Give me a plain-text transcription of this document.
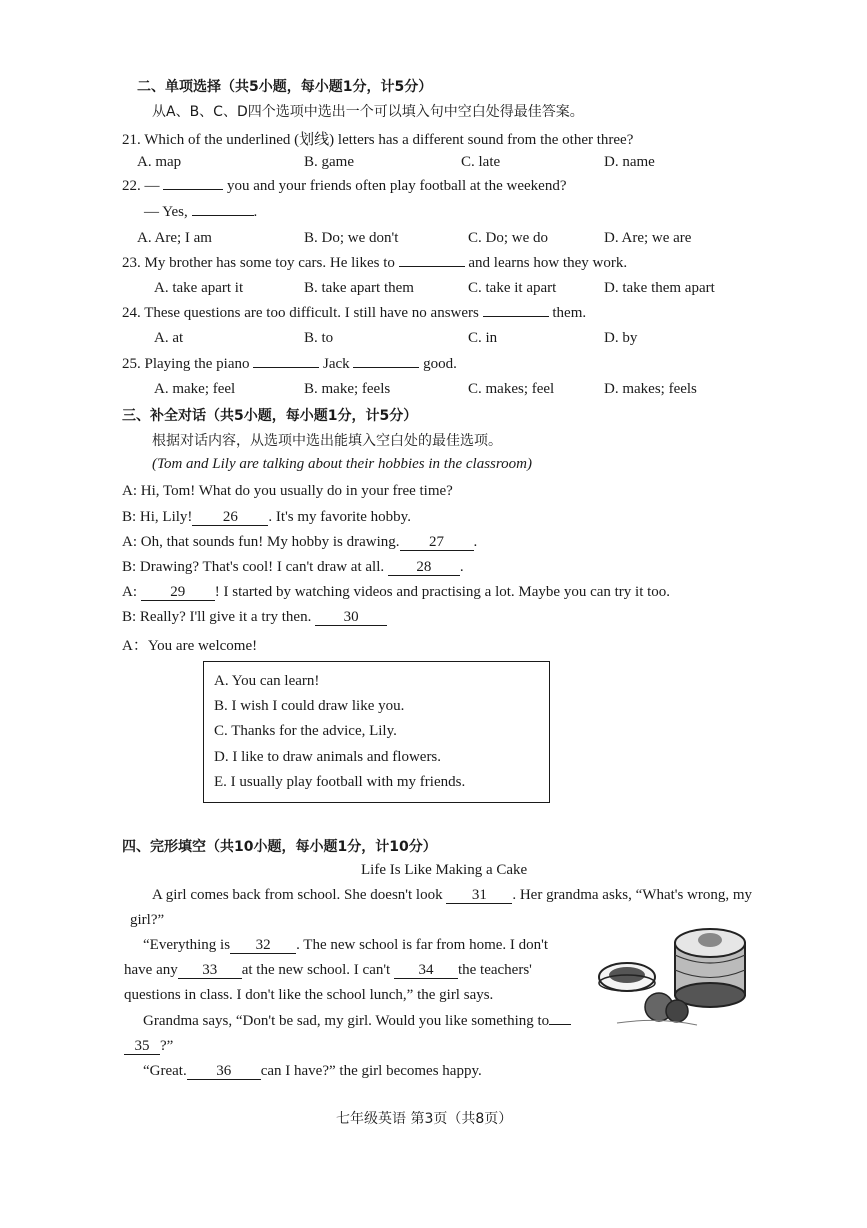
二、单项选择（共5小题，每小题1分，计5分）
从A、B、C、D四个选项中选出一个可以填入句中空白处得最佳答案。
21. Which of the underlined (划线) letters has a different sound from the other three?
A. map	B. game	C. late	D. name
22. —	you and your friends often play football at the weekend?
— Yes,	.
A. Are; I am	B. Do; we don't	C. Do; we do	D. Are; we are
23. My brother has some toy cars. He likes to	and learns how they work.
A. take apart it	B. take apart them	C. take it apart	D. take them apart
24. These questions are too difficult. I still have no answers	them.
A. at	B. to	C. in	D. by
25. Playing the piano	Jack	good.
A. make; feel	B. make; feels	C. makes; feel	D. makes; feels
三、补全对话（共5小题，每小题1分，计5分）
根据对话内容，从选项中选出能填入空白处的最佳选项。
(Tom and Lily are talking about their hobbies in the classroom)
A: Hi, Tom! What do you usually do in your free time?
B: Hi, Lily! 26 . It's my favorite hobby.
A: Oh, that sounds fun! My hobby is drawing. 27 .
B: Drawing? That's cool! I can't draw at all. 28 .
A: 29 ! I started by watching videos and practising a lot. Maybe you can try it too.
B: Really? I'll give it a try then. 30
A：You are welcome!
A. You can learn!
B. I wish I could draw like you.
C. Thanks for the advice, Lily.
D. I like to draw animals and flowers.
E. I usually play football with my friends.
四、完形填空（共10小题，每小题1分，计10分）
Life Is Like Making a Cake
A girl comes back from school. She doesn't look 31 . Her grandma asks, “What's wrong, my
girl?”
“Everything is 32 . The new school is far from home. I don't
have any 33 at the new school. I can't 34 the teachers'
questions in class. I don't like the school lunch,” the girl says.
Grandma says, “Don't be sad, my girl. Would you like something to
35 ?”
“Great. 36 can I have?” the girl becomes happy.
七年级英语 第3页（共8页）
